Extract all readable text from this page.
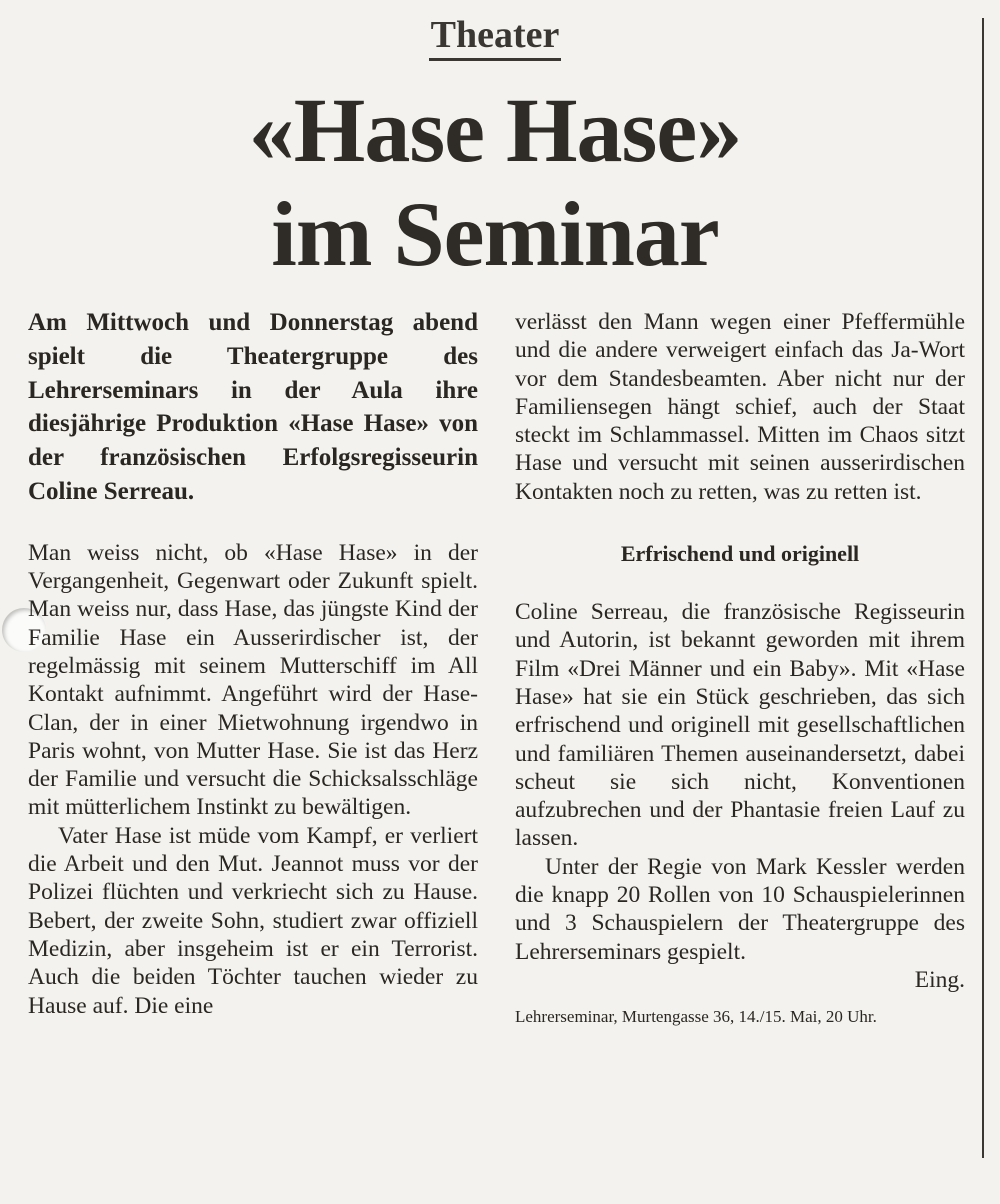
Theater
«Hase Hase»
im Seminar

Am Mittwoch und Donnerstag abend spielt die Theatergruppe des Lehrerseminars in der Aula ihre diesjährige Produktion «Hase Hase» von der französischen Erfolgsregisseurin Coline Serreau.

Man weiss nicht, ob «Hase Hase» in der Vergangenheit, Gegenwart oder Zukunft spielt. Man weiss nur, dass Hase, das jüngste Kind der Familie Hase ein Ausserirdischer ist, der regelmässig mit seinem Mutterschiff im All Kontakt aufnimmt. Angeführt wird der Hase-Clan, der in einer Mietwohnung irgendwo in Paris wohnt, von Mutter Hase. Sie ist das Herz der Familie und versucht die Schicksalsschläge mit mütterlichem Instinkt zu bewältigen.

Vater Hase ist müde vom Kampf, er verliert die Arbeit und den Mut. Jeannot muss vor der Polizei flüchten und verkriecht sich zu Hause. Bebert, der zweite Sohn, studiert zwar offiziell Medizin, aber insgeheim ist er ein Terrorist. Auch die beiden Töchter tauchen wieder zu Hause auf. Die eine

verlässt den Mann wegen einer Pfeffermühle und die andere verweigert einfach das Ja-Wort vor dem Standesbeamten. Aber nicht nur der Familiensegen hängt schief, auch der Staat steckt im Schlammassel. Mitten im Chaos sitzt Hase und versucht mit seinen ausserirdischen Kontakten noch zu retten, was zu retten ist.

Erfrischend und originell

Coline Serreau, die französische Regisseurin und Autorin, ist bekannt geworden mit ihrem Film «Drei Männer und ein Baby». Mit «Hase Hase» hat sie ein Stück geschrieben, das sich erfrischend und originell mit gesellschaftlichen und familiären Themen auseinandersetzt, dabei scheut sie sich nicht, Konventionen aufzubrechen und der Phantasie freien Lauf zu lassen.

Unter der Regie von Mark Kessler werden die knapp 20 Rollen von 10 Schauspielerinnen und 3 Schauspielern der Theatergruppe des Lehrerseminars gespielt.

Eing.

Lehrerseminar, Murtengasse 36, 14./15. Mai, 20 Uhr.
